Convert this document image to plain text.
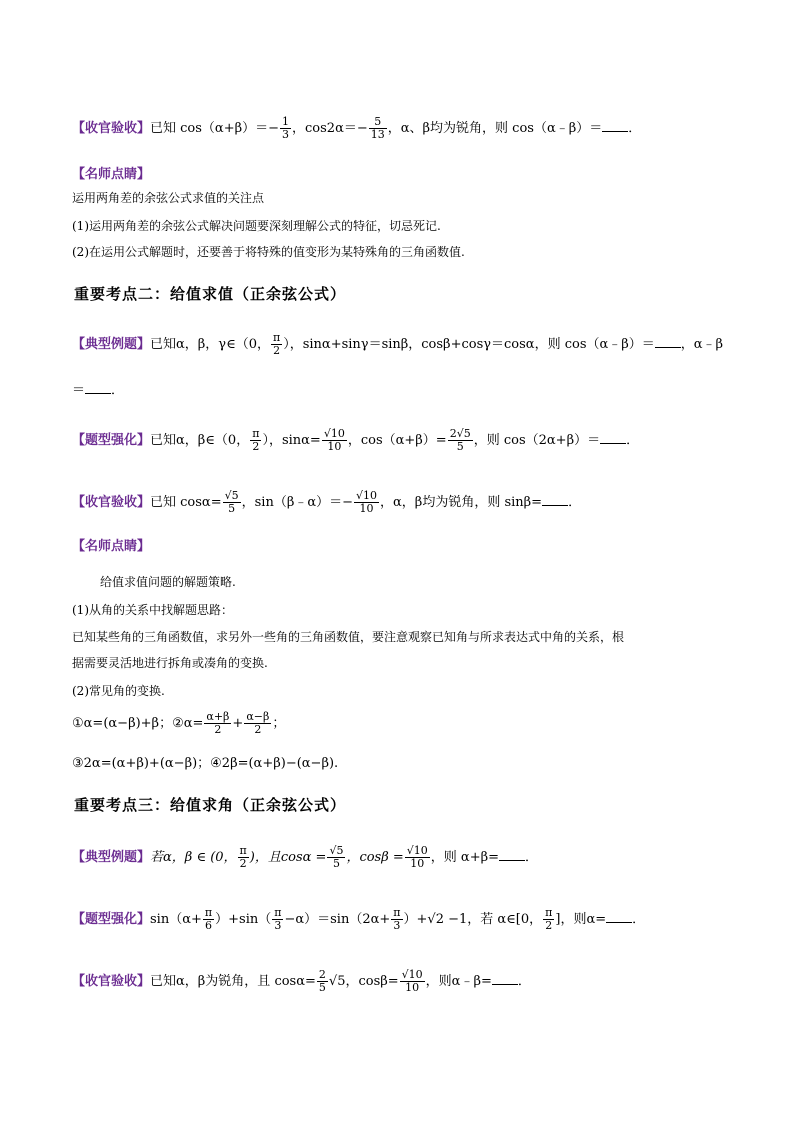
【收官验收】已知 $\cos(\alpha+\beta)=- \frac{1}{3}$ ，$\cos 2\alpha=- \frac{5}{13}$ ，α、β均为锐角，则 cos（α﹣β）＝ ．
【名师点睛】
运用两角差的余弦公式求值的关注点
(1)运用两角差的余弦公式解决问题要深刻理解公式的特征，切忌死记.
(2)在运用公式解题时，还要善于将特殊的值变形为某特殊角的三角函数值.
重要考点二：给值求值（正余弦公式）
【典型例题】已知α，β，γ∈（0， $\frac{\pi}{2}$ ），sinα+sinγ＝sinβ，cosβ+cosγ＝cosα，则 cos（α﹣β）＝ ，α﹣β
＝ ．
【题型强化】已知α，β∈（0， $\frac{\pi}{2}$ ），$\sin\alpha= \frac{√10}{10}$ ，$\cos(\alpha+\beta)= \frac{2√5}{5}$ ，则 cos（2α+β）＝ ．
【收官验收】已知 $\cos\alpha= \frac{√5}{5}$ ，sin（β﹣α）＝− $\frac{√10}{10}$ ，α，β均为锐角，则 sinβ= ．
【名师点睛】
给值求值问题的解题策略.
(1)从角的关系中找解题思路：
已知某些角的三角函数值，求另外一些角的三角函数值，要注意观察已知角与所求表达式中角的关系，根
据需要灵活地进行拆角或凑角的变换.
(2)常见角的变换.
①α=(α−β)+β；②α= $\frac{\alpha+\beta}{2} + \frac{\alpha-\beta}{2}$ ；
③2α=(α+β)+(α−β)；④2β=(α+β)−(α−β).
重要考点三：给值求角（正余弦公式）
【典型例题】若α，β ∈ (0， $\frac{\pi}{2}$ )，且$\cos\alpha = \frac{√5}{5}$ ，$\cos\beta = \frac{√10}{10}$ ，则 α+β= ．
【题型强化】$\sin(\alpha+ \frac{\pi}{6} )+\sin( \frac{\pi}{3} -\alpha)=\sin(2\alpha+ \frac{\pi}{3} )+√2 -1$，若 α∈[0， $\frac{\pi}{2}$ ]，则α= ．
【收官验收】已知α，β为锐角，且 $\cos\alpha= \frac{2}{5} √5$，$\cos\beta= \frac{√10}{10}$ ，则α﹣β= ．
